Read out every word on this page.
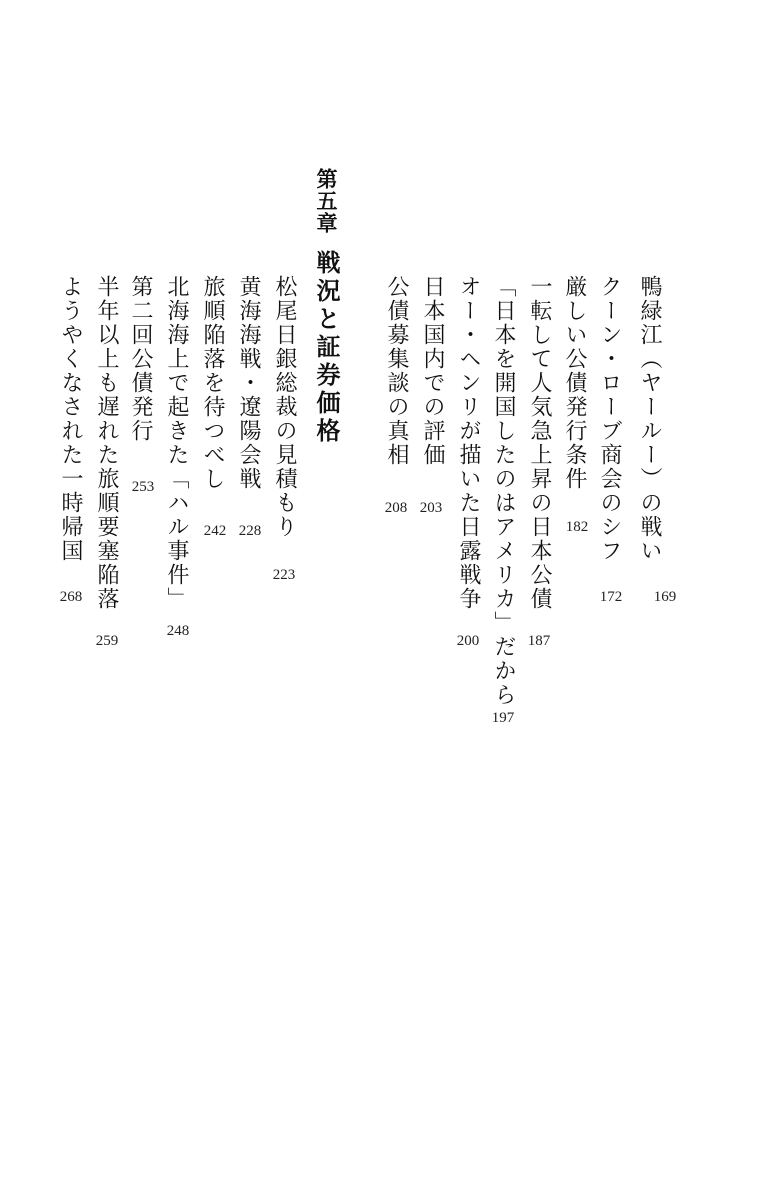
第五章
戦況と証券価格	鴨緑江（ヤールー）の戦い
169
クーン・ローブ商会のシフ
172
厳しい公債発行条件
182
一転して人気急上昇の日本公債
187
「日本を開国したのはアメリカ」だから
197
オー・ヘンリが描いた日露戦争
200
日本国内での評価
203
公債募集談の真相
208
松尾日銀総裁の見積もり
223
黄海海戦・遼陽会戦
228
旅順陥落を待つべし
242
北海海上で起きた「ハル事件」
248
第二回公債発行
253
半年以上も遅れた旅順要塞陥落
259
ようやくなされた一時帰国
268
